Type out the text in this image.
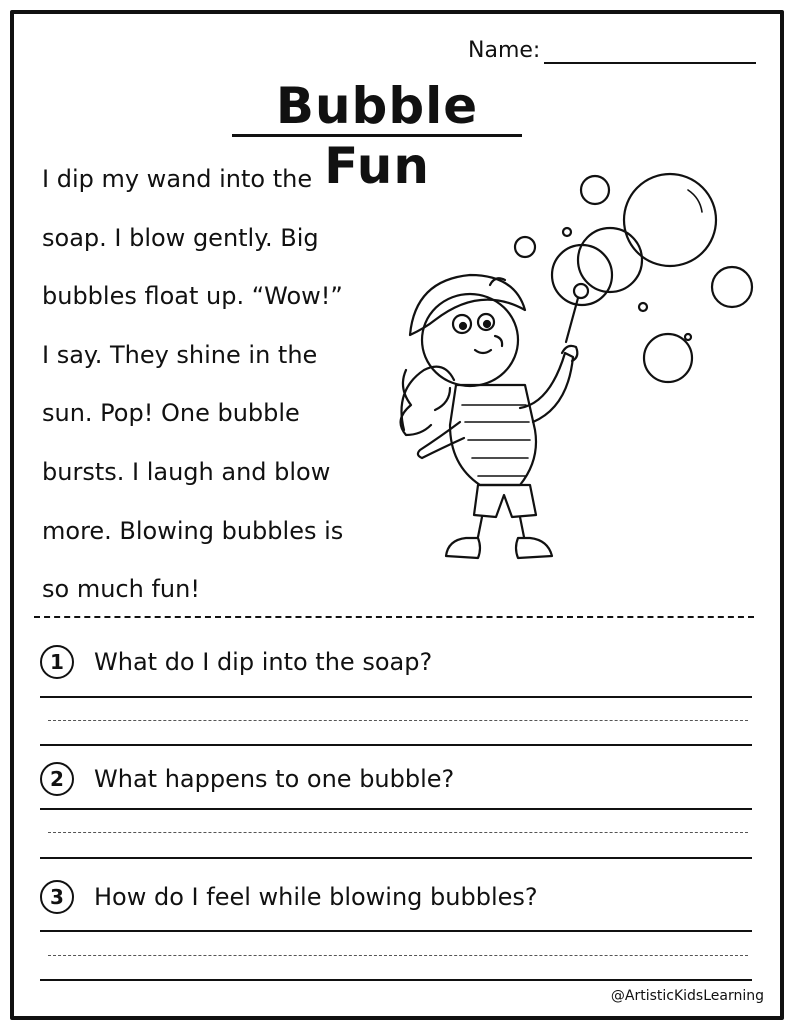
Name:
Bubble Fun
I dip my wand into the
soap. I blow gently. Big
bubbles float up. “Wow!”
I say. They shine in the
sun. Pop! One bubble
bursts. I laugh and blow
more. Blowing bubbles is
so much fun!
1	What do I dip into the soap?
2	What happens to one bubble?
3	How do I feel while blowing bubbles?
@ArtisticKidsLearning
